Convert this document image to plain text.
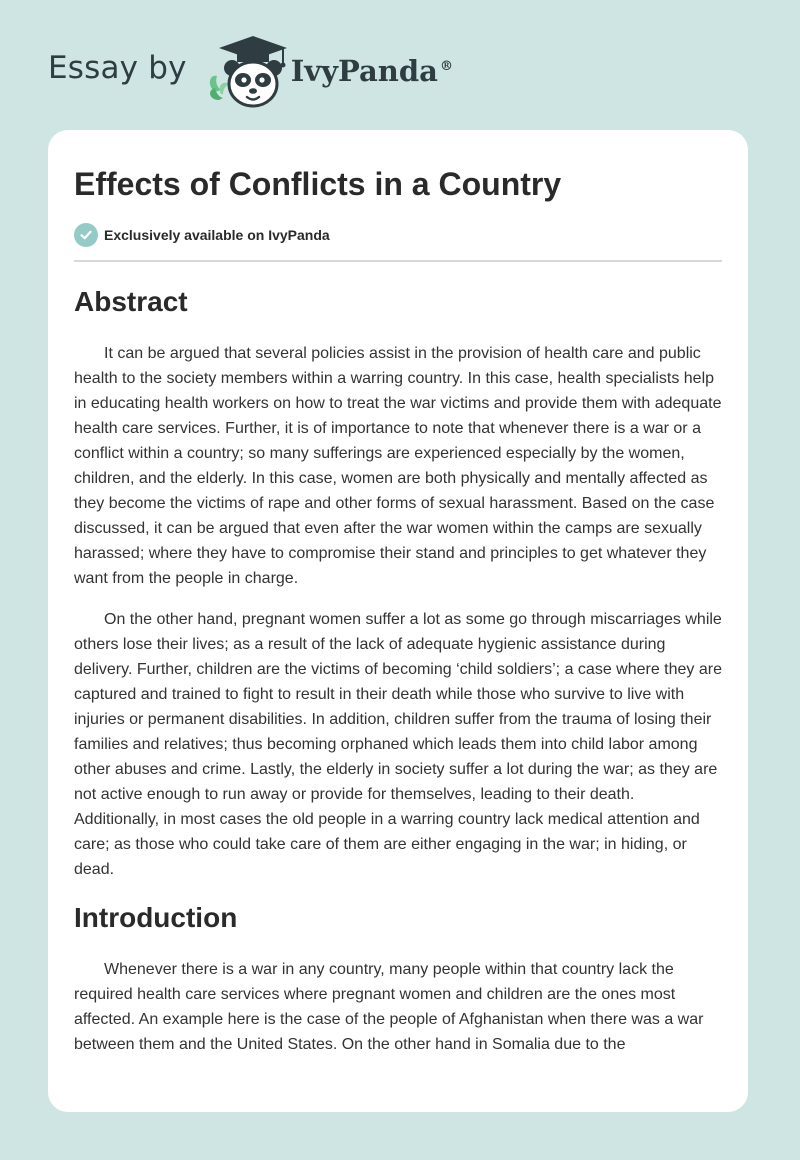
Essay by	IvyPanda ®
Effects of Conflicts in a Country
Exclusively available on IvyPanda
Abstract

It can be argued that several policies assist in the provision of health care and public health to the society members within a warring country. In this case, health specialists help in educating health workers on how to treat the war victims and provide them with adequate health care services. Further, it is of importance to note that whenever there is a war or a conflict within a country; so many sufferings are experienced especially by the women, children, and the elderly. In this case, women are both physically and mentally affected as they become the victims of rape and other forms of sexual harassment. Based on the case discussed, it can be argued that even after the war women within the camps are sexually harassed; where they have to compromise their stand and principles to get whatever they want from the people in charge.

On the other hand, pregnant women suffer a lot as some go through miscarriages while others lose their lives; as a result of the lack of adequate hygienic assistance during delivery. Further, children are the victims of becoming ‘child soldiers’; a case where they are captured and trained to fight to result in their death while those who survive to live with injuries or permanent disabilities. In addition, children suffer from the trauma of losing their families and relatives; thus becoming orphaned which leads them into child labor among other abuses and crime. Lastly, the elderly in society suffer a lot during the war; as they are not active enough to run away or provide for themselves, leading to their death. Additionally, in most cases the old people in a warring country lack medical attention and care; as those who could take care of them are either engaging in the war; in hiding, or dead.

Introduction

Whenever there is a war in any country, many people within that country lack the required health care services where pregnant women and children are the ones most affected. An example here is the case of the people of Afghanistan when there was a war between them and the United States. On the other hand in Somalia due to the
